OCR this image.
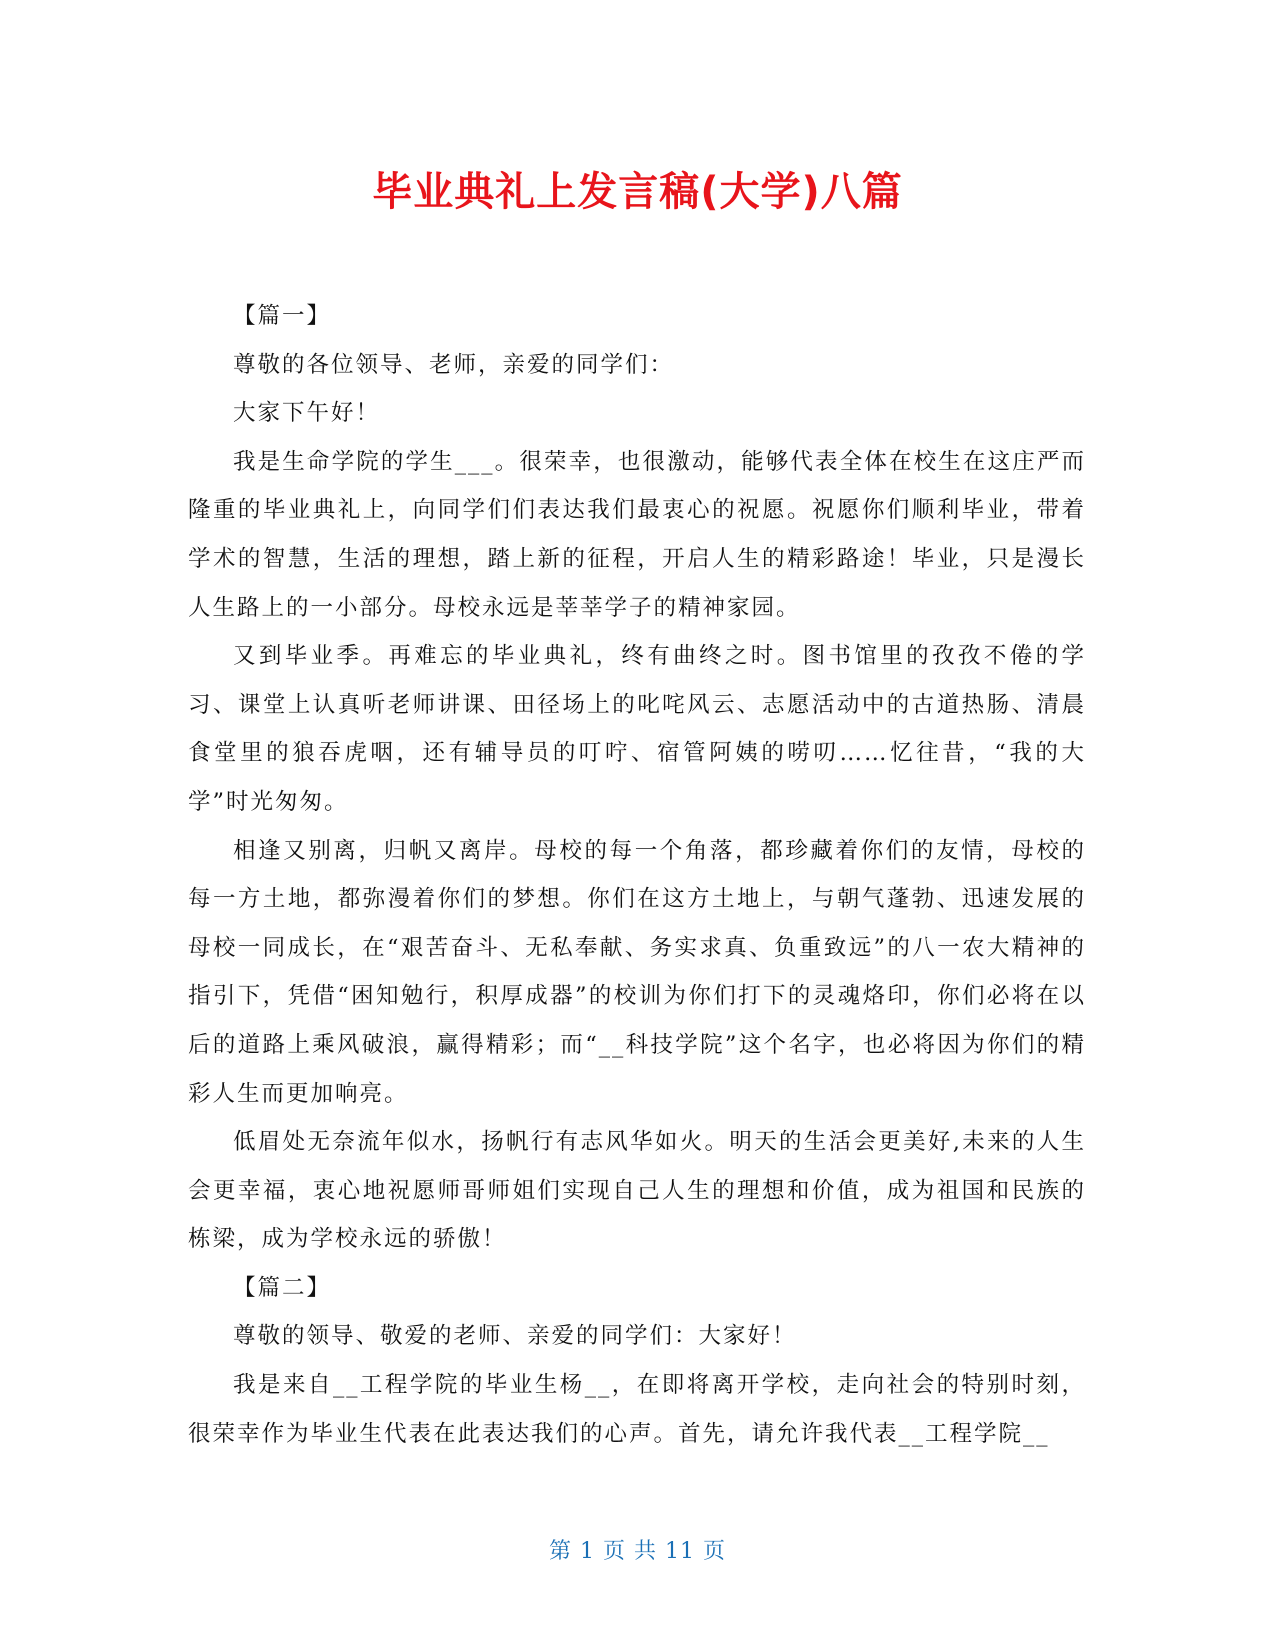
毕业典礼上发言稿(大学)八篇

【篇一】

尊敬的各位领导、老师，亲爱的同学们：

大家下午好！

我是生命学院的学生___。很荣幸，也很激动，能够代表全体在校生在这庄严而隆重的毕业典礼上，向同学们们表达我们最衷心的祝愿。祝愿你们顺利毕业，带着学术的智慧，生活的理想，踏上新的征程，开启人生的精彩路途！毕业，只是漫长人生路上的一小部分。母校永远是莘莘学子的精神家园。

又到毕业季。再难忘的毕业典礼，终有曲终之时。图书馆里的孜孜不倦的学习、课堂上认真听老师讲课、田径场上的叱咤风云、志愿活动中的古道热肠、清晨食堂里的狼吞虎咽，还有辅导员的叮咛、宿管阿姨的唠叨……忆往昔，“我的大学”时光匆匆。

相逢又别离，归帆又离岸。母校的每一个角落，都珍藏着你们的友情，母校的每一方土地，都弥漫着你们的梦想。你们在这方土地上，与朝气蓬勃、迅速发展的母校一同成长，在“艰苦奋斗、无私奉献、务实求真、负重致远”的八一农大精神的指引下，凭借“困知勉行，积厚成器”的校训为你们打下的灵魂烙印，你们必将在以后的道路上乘风破浪，赢得精彩；而“__科技学院”这个名字，也必将因为你们的精彩人生而更加响亮。

低眉处无奈流年似水，扬帆行有志风华如火。明天的生活会更美好,未来的人生会更幸福，衷心地祝愿师哥师姐们实现自己人生的理想和价值，成为祖国和民族的栋梁，成为学校永远的骄傲！

【篇二】

尊敬的领导、敬爱的老师、亲爱的同学们：大家好！

我是来自__工程学院的毕业生杨__，在即将离开学校，走向社会的特别时刻，很荣幸作为毕业生代表在此表达我们的心声。首先，请允许我代表__工程学院__

第 1 页 共 11 页
